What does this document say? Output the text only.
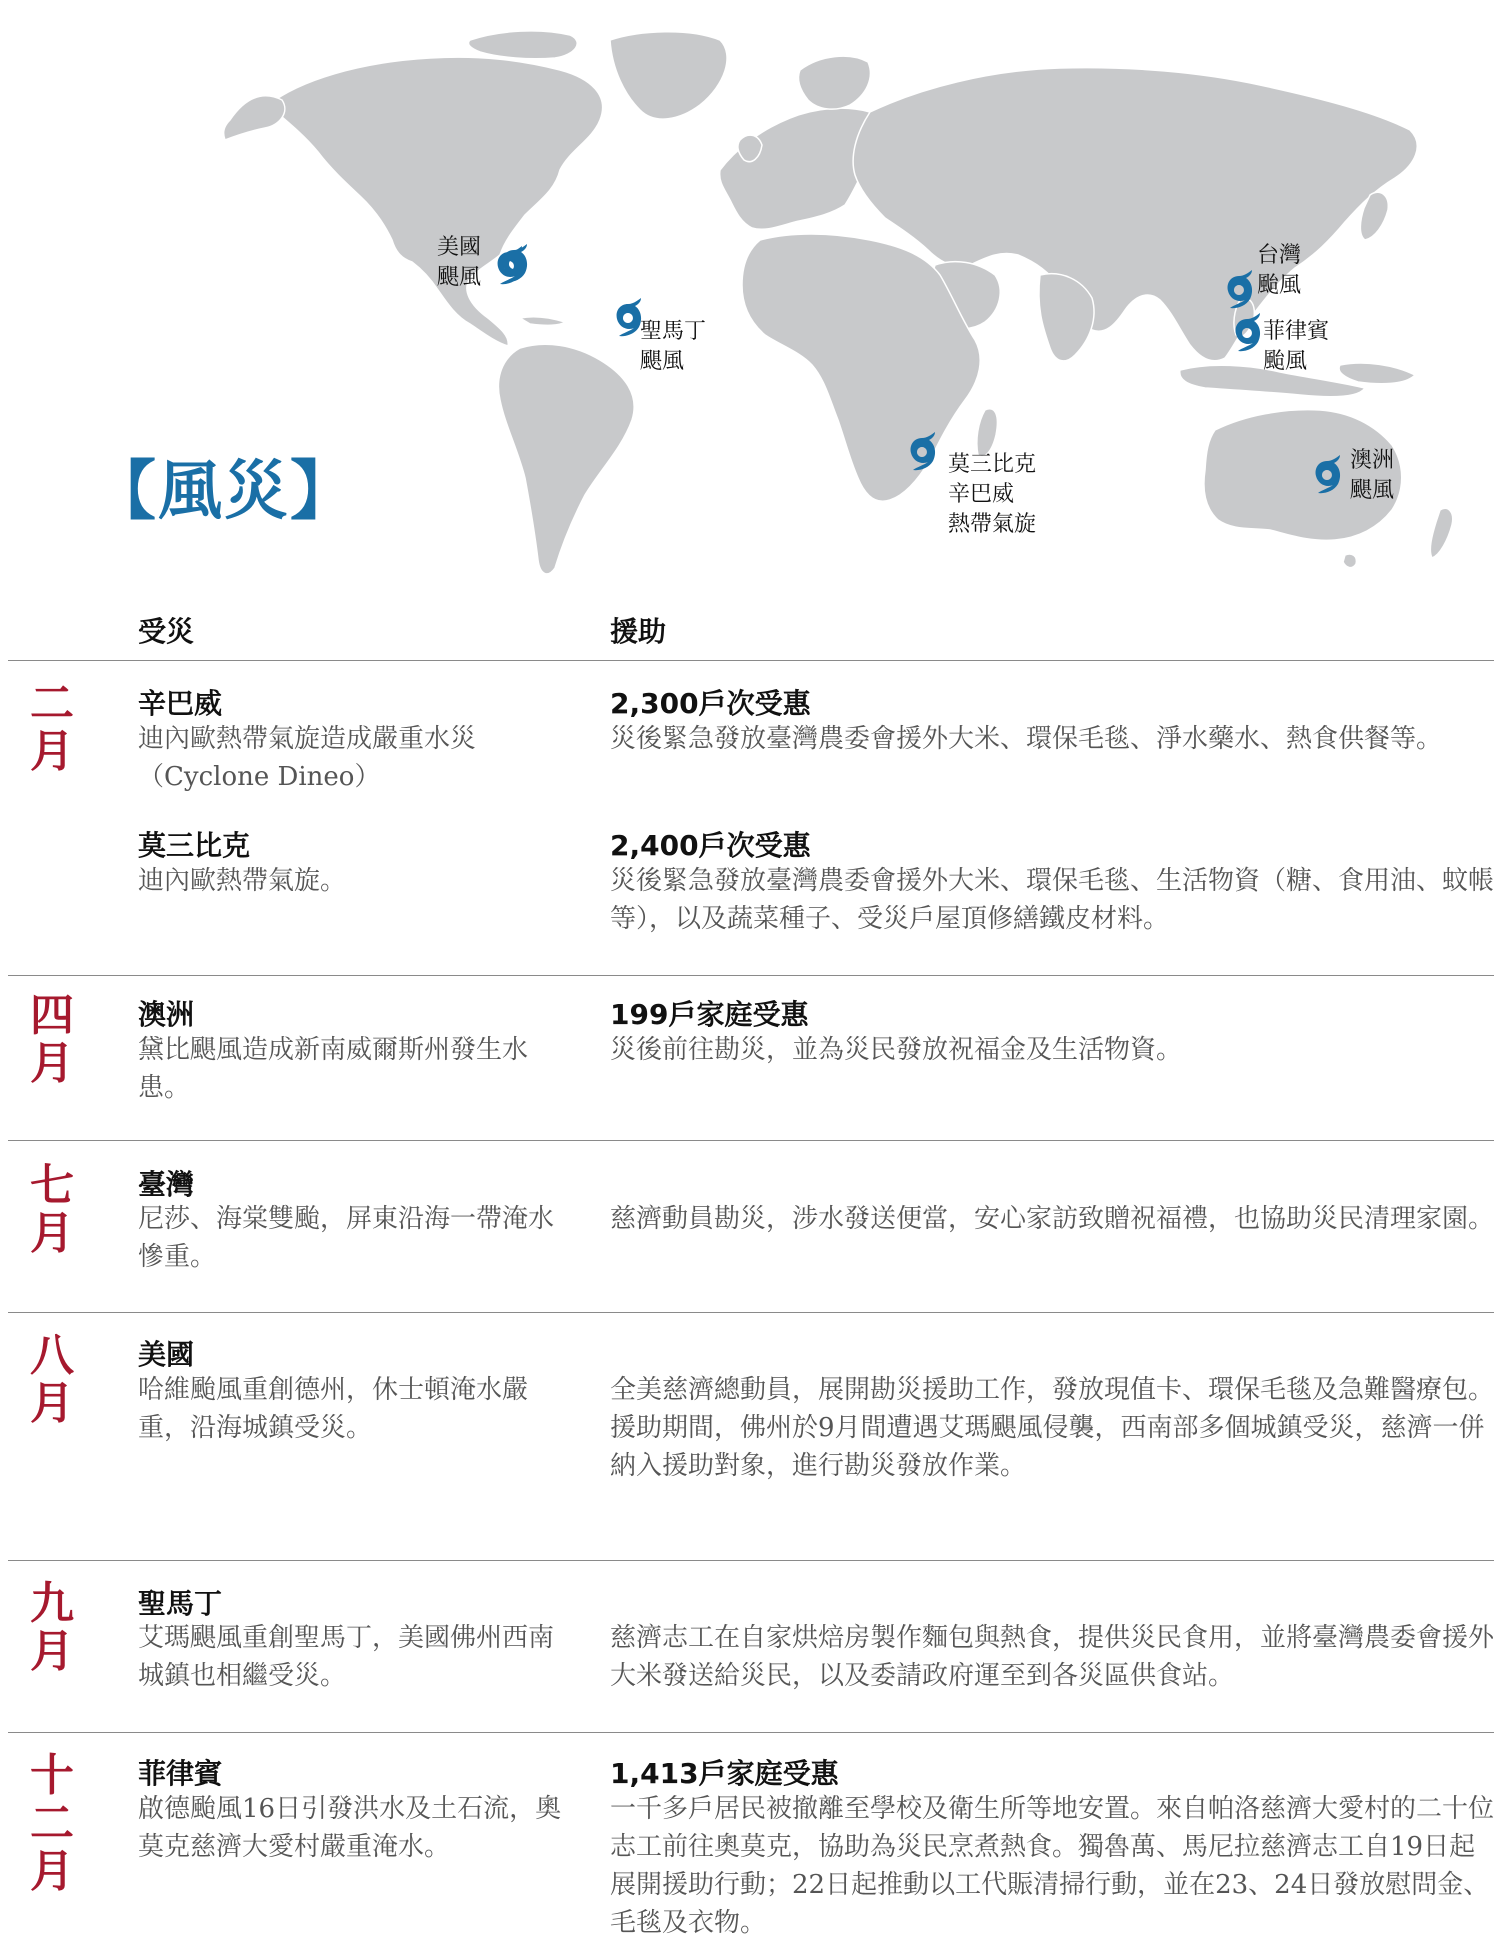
美國
颶風
聖馬丁
颶風
莫三比克
辛巴威
熱帶氣旋
台灣
颱風
菲律賓
颱風
澳洲
颶風
【風災】
受災	援助
二
月
辛巴威
迪內歐熱帶氣旋造成嚴重水災（Cyclone Dineo）
2,300戶次受惠
災後緊急發放臺灣農委會援外大米、環保毛毯、淨水藥水、熱食供餐等。
莫三比克
迪內歐熱帶氣旋。
2,400戶次受惠
災後緊急發放臺灣農委會援外大米、環保毛毯、生活物資（糖、食用油、蚊帳等），以及蔬菜種子、受災戶屋頂修繕鐵皮材料。
四
月
澳洲
黛比颶風造成新南威爾斯州發生水患。
199戶家庭受惠
災後前往勘災，並為災民發放祝福金及生活物資。
七
月
臺灣
尼莎、海棠雙颱，屏東沿海一帶淹水慘重。
慈濟動員勘災，涉水發送便當，安心家訪致贈祝福禮，也協助災民清理家園。
八
月
美國
哈維颱風重創德州，休士頓淹水嚴重，沿海城鎮受災。
全美慈濟總動員，展開勘災援助工作，發放現值卡、環保毛毯及急難醫療包。援助期間，佛州於9月間遭遇艾瑪颶風侵襲，西南部多個城鎮受災，慈濟一併納入援助對象，進行勘災發放作業。
九
月
聖馬丁
艾瑪颶風重創聖馬丁，美國佛州西南城鎮也相繼受災。
慈濟志工在自家烘焙房製作麵包與熱食，提供災民食用，並將臺灣農委會援外大米發送給災民，以及委請政府運至到各災區供食站。
十
二
月
菲律賓
啟德颱風16日引發洪水及土石流，奧莫克慈濟大愛村嚴重淹水。
1,413戶家庭受惠
一千多戶居民被撤離至學校及衛生所等地安置。來自帕洛慈濟大愛村的二十位志工前往奧莫克，協助為災民烹煮熱食。獨魯萬、馬尼拉慈濟志工自19日起展開援助行動；22日起推動以工代賑清掃行動，並在23、24日發放慰問金、毛毯及衣物。
